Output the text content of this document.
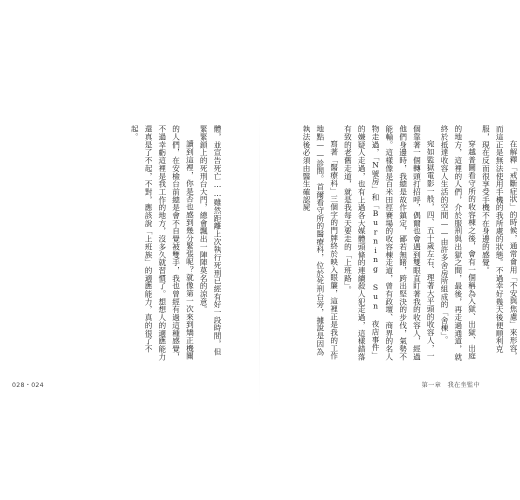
體，並宣告死亡……雖然距離上次執行死刑已經有好一段時間，但緊緊鎖上的死刑台大門，總會飄出一陣陣莫名的涼意。

讀到這裡，你是否也感到幾分緊張呢？就像第一次來到矯正機關的人們，在安檢台前總是會不自覺被雙手，我也曾經有過這種感覺，不過幸虧這裡是我工作的地方，沒多久就習慣了。想想人的適應能力還真是了不起，不對，應該說「上班族」的適應能力，真的很了不起。

028・024

在解釋「戒斷症狀」的時候，通常會用「不安與焦慮」來形容，而這正是無法使用手機的我所處的狀態。不過幸好幾天後便順利克服，現在反而很享受手機不在身邊的感覺。

穿越普圖看守所的收容棟之後，會有一個稱為入獄、出獄、出庭的地方，這裡的人們，介於服刑與出獄之間，最後，再走過通道，就終於抵達收容人生活的空間——由許多舍房所組成的「舍棟」。

宛如監獄電影一般，四、五十歲左右、理著大平頭的收容人，一個靠著一個轉頭打招呼，偶爾也會遇到雙眼直盯著我的收容人，經過他們身邊時，我總是故作鎮定，鄙若無睹，跨出堅決的步伐，氣勢不能輸。這樣像是百米田徑賽場的收容棟走道，曾有政壇、商界的名人物走過，「N號房」和「Burning Sun 夜店事件」的嫌疑人走過，也有上過各大媒體頭條的連續殺人犯走過，這樣錯落有致的老舊走道，就是我每天要走的「上班路」。

寫著「醫療科」三個字的門牌終於映入眼簾，這裡正是我的工作地點——診間。首爾看守所的醫療科，位於死刑台旁，據說是因為執法後必須由醫生確認屍

第一章　我在坐監中
